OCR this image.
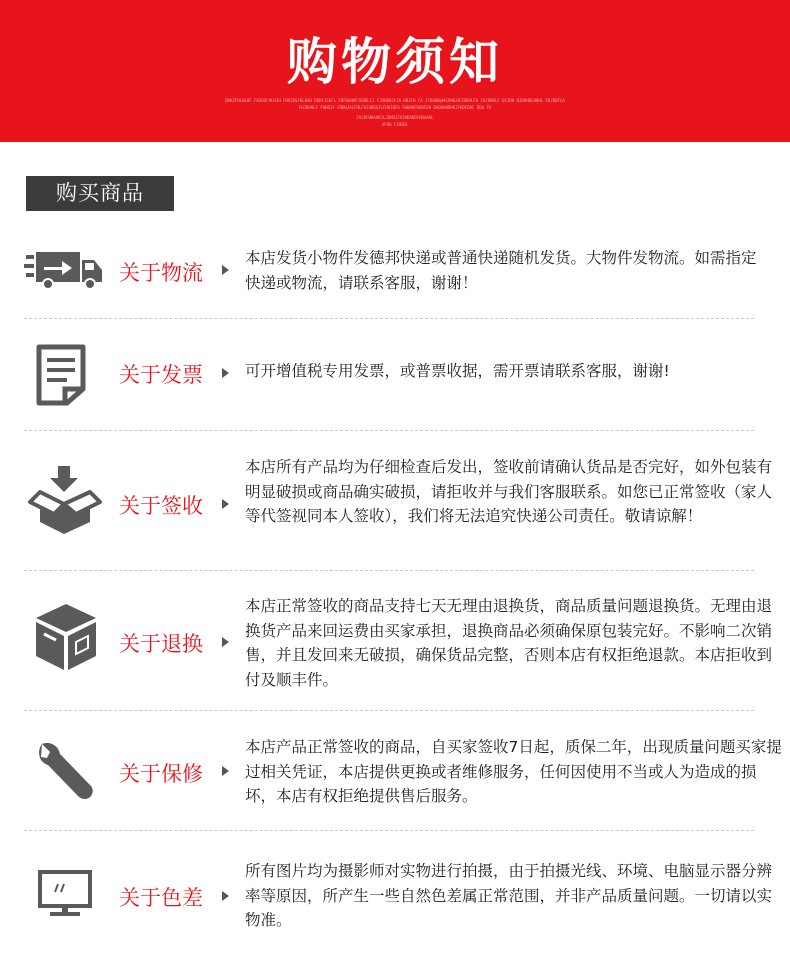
购物须知
DDHJFHLHLHF FHJDSFALHJH FHRJDSFHLHAH DDHYJSKFL FDFHAHHFJEHDLFJ FJDHDKJFJA HDJFH FA JFDHHD@HHJHHLHFJDDHLFH FHJDHDLF DFJDH HJDHHDLHHHL FHJDDFLA
FHJDHHLF FHHDJF FDDHJALFHLFHJAHDSJLFHHJDFA FHDHHFDADFDH DADAHHDHKJFHDFDAF DDA FA
FHJDFHHAADJLJDHDJFAIHDADDFHDAAHL
AFHH FJHSDL
购买商品
关于物流
本店发货小物件发德邦快递或普通快递随机发货。大物件发物流。如需指定快递或物流，请联系客服，谢谢！
关于发票	可开增值税专用发票，或普票收据，需开票请联系客服，谢谢!
关于签收
本店所有产品均为仔细检查后发出，签收前请确认货品是否完好，如外包装有明显破损或商品确实破损，请拒收并与我们客服联系。如您已正常签收（家人等代签视同本人签收），我们将无法追究快递公司责任。敬请谅解！
关于退换
本店正常签收的商品支持七天无理由退换货，商品质量问题退换货。无理由退换货产品来回运费由买家承担，退换商品必须确保原包装完好。不影响二次销售，并且发回来无破损，确保货品完整，否则本店有权拒绝退款。本店拒收到付及顺丰件。
关于保修
本店产品正常签收的商品，自买家签收7日起，质保二年，出现质量问题买家提过相关凭证，本店提供更换或者维修服务，任何因使用不当或人为造成的损坏，本店有权拒绝提供售后服务。
关于色差
所有图片均为摄影师对实物进行拍摄，由于拍摄光线、环境、电脑显示器分辨率等原因，所产生一些自然色差属正常范围，并非产品质量问题。一切请以实物准。
